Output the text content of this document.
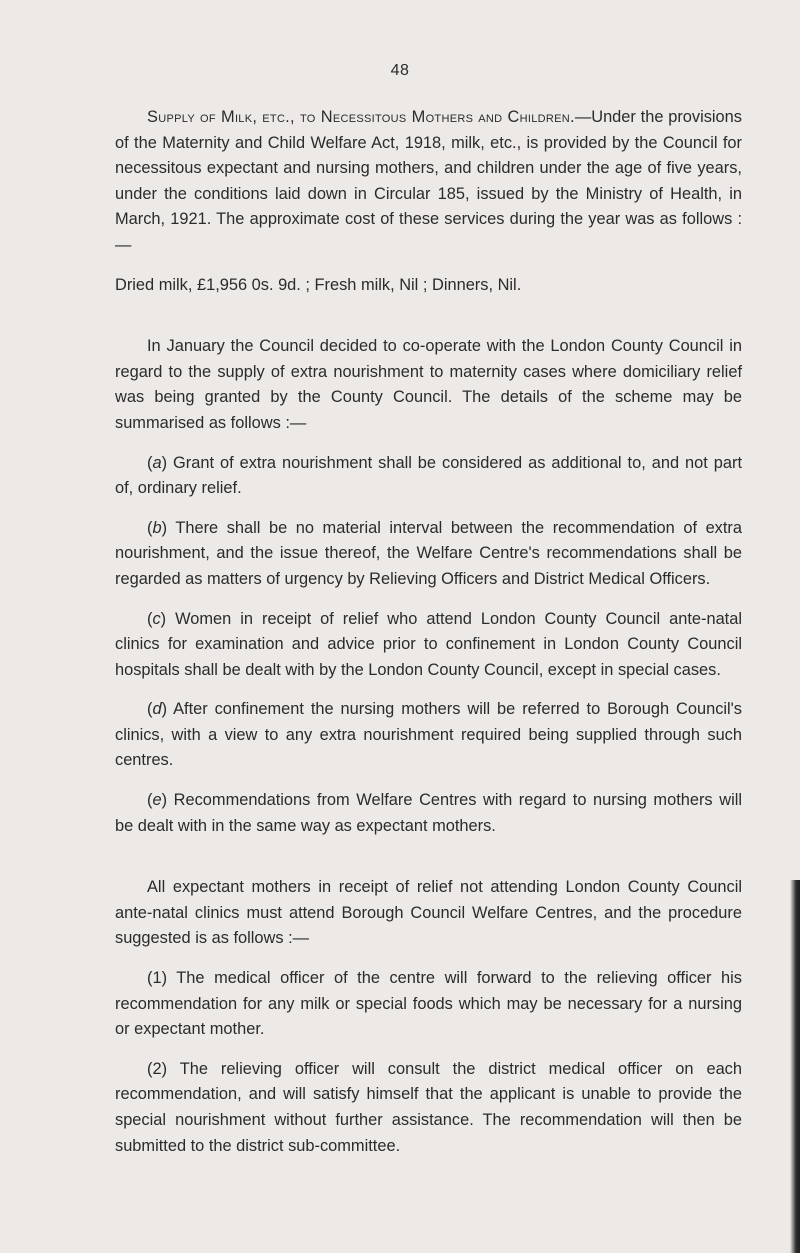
48

Supply of Milk, etc., to Necessitous Mothers and Children.—Under the provisions of the Maternity and Child Welfare Act, 1918, milk, etc., is provided by the Council for necessitous expectant and nursing mothers, and children under the age of five years, under the conditions laid down in Circular 185, issued by the Ministry of Health, in March, 1921. The approximate cost of these services during the year was as follows :—

Dried milk, £1,956 0s. 9d. ; Fresh milk, Nil ; Dinners, Nil.

In January the Council decided to co-operate with the London County Council in regard to the supply of extra nourishment to maternity cases where domiciliary relief was being granted by the County Council. The details of the scheme may be summarised as follows :—

(a) Grant of extra nourishment shall be considered as additional to, and not part of, ordinary relief.

(b) There shall be no material interval between the recommendation of extra nourishment, and the issue thereof, the Welfare Centre's recommendations shall be regarded as matters of urgency by Relieving Officers and District Medical Officers.

(c) Women in receipt of relief who attend London County Council ante-natal clinics for examination and advice prior to confinement in London County Council hospitals shall be dealt with by the London County Council, except in special cases.

(d) After confinement the nursing mothers will be referred to Borough Council's clinics, with a view to any extra nourishment required being supplied through such centres.

(e) Recommendations from Welfare Centres with regard to nursing mothers will be dealt with in the same way as expectant mothers.

All expectant mothers in receipt of relief not attending London County Council ante-natal clinics must attend Borough Council Welfare Centres, and the procedure suggested is as follows :—

(1) The medical officer of the centre will forward to the relieving officer his recommendation for any milk or special foods which may be necessary for a nursing or expectant mother.

(2) The relieving officer will consult the district medical officer on each recommendation, and will satisfy himself that the applicant is unable to provide the special nourishment without further assistance. The recommendation will then be submitted to the district sub-committee.
